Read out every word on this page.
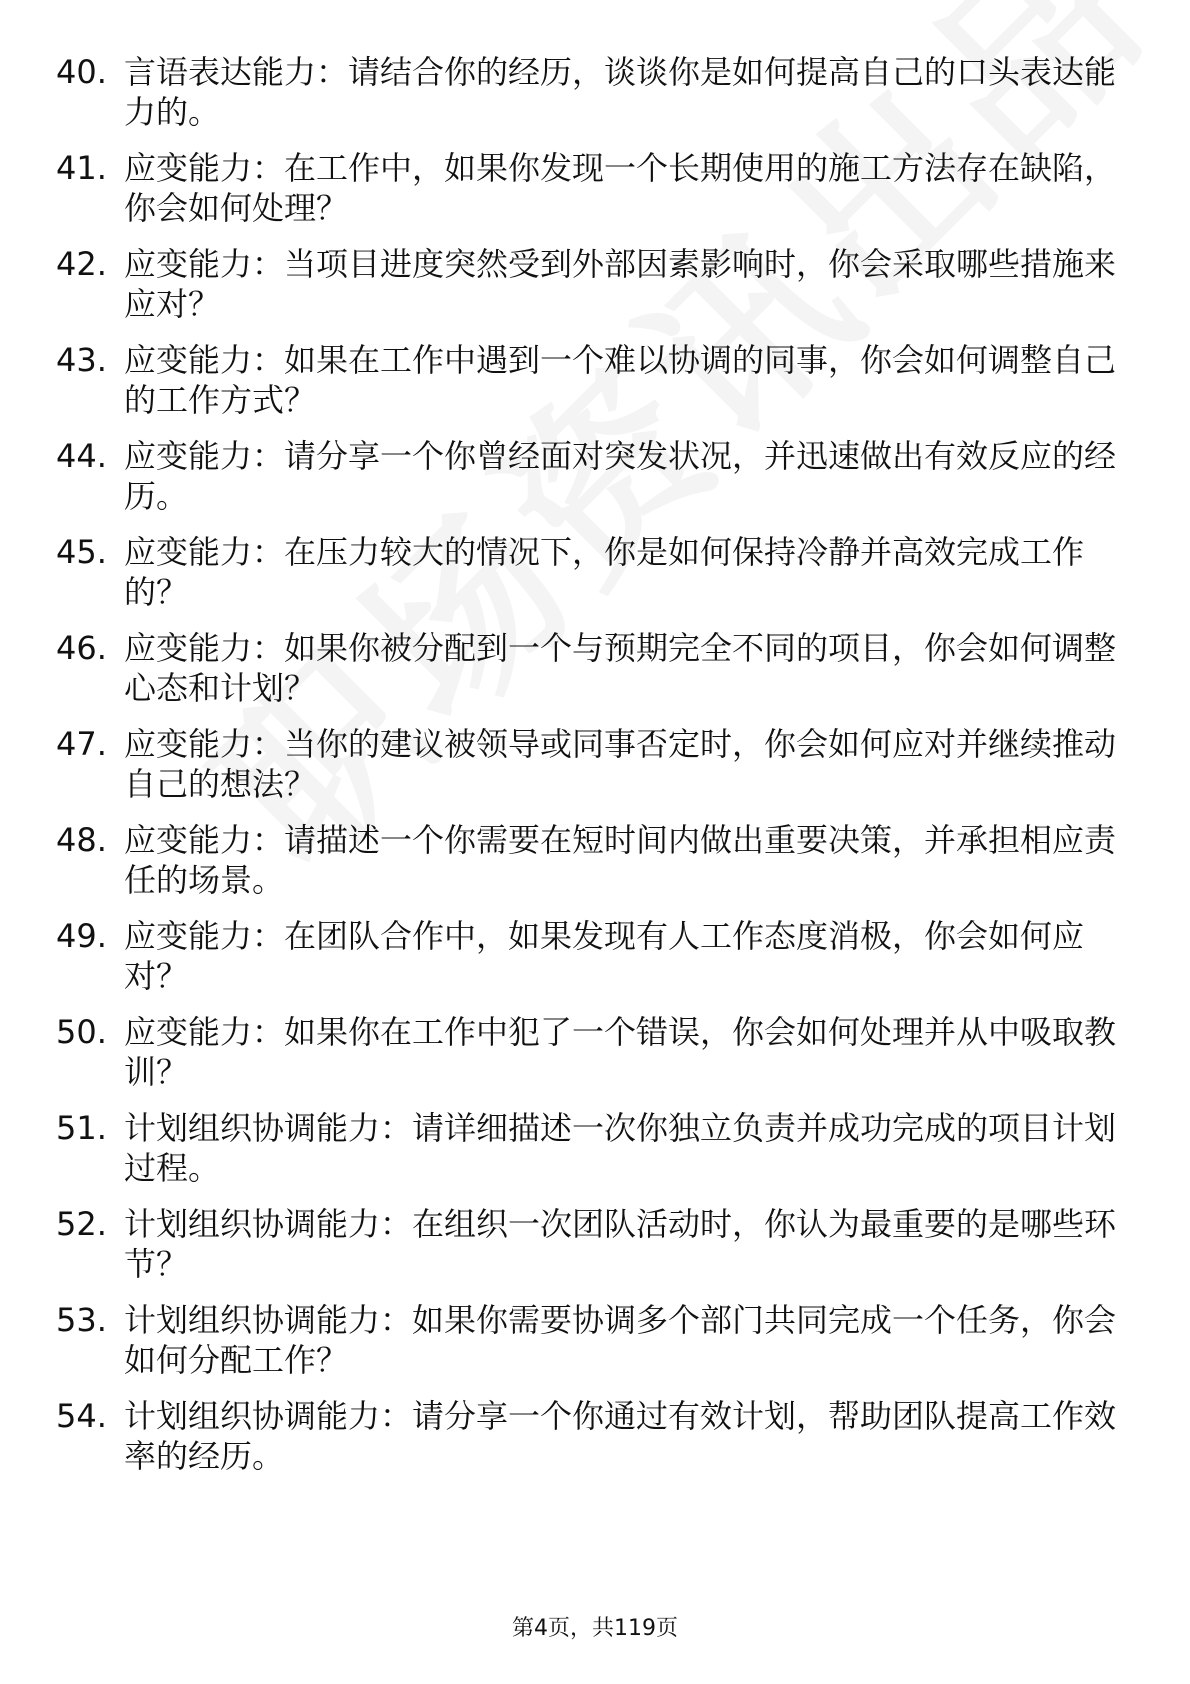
40. 言语表达能力：请结合你的经历，谈谈你是如何提高自己的口头表达能力的。
41. 应变能力：在工作中，如果你发现一个长期使用的施工方法存在缺陷，你会如何处理？
42. 应变能力：当项目进度突然受到外部因素影响时，你会采取哪些措施来应对？
43. 应变能力：如果在工作中遇到一个难以协调的同事，你会如何调整自己的工作方式？
44. 应变能力：请分享一个你曾经面对突发状况，并迅速做出有效反应的经历。
45. 应变能力：在压力较大的情况下，你是如何保持冷静并高效完成工作的？
46. 应变能力：如果你被分配到一个与预期完全不同的项目，你会如何调整心态和计划？
47. 应变能力：当你的建议被领导或同事否定时，你会如何应对并继续推动自己的想法？
48. 应变能力：请描述一个你需要在短时间内做出重要决策，并承担相应责任的场景。
49. 应变能力：在团队合作中，如果发现有人工作态度消极，你会如何应对？
50. 应变能力：如果你在工作中犯了一个错误，你会如何处理并从中吸取教训？
51. 计划组织协调能力：请详细描述一次你独立负责并成功完成的项目计划过程。
52. 计划组织协调能力：在组织一次团队活动时，你认为最重要的是哪些环节？
53. 计划组织协调能力：如果你需要协调多个部门共同完成一个任务，你会如何分配工作？
54. 计划组织协调能力：请分享一个你通过有效计划，帮助团队提高工作效率的经历。
第4页，共119页
